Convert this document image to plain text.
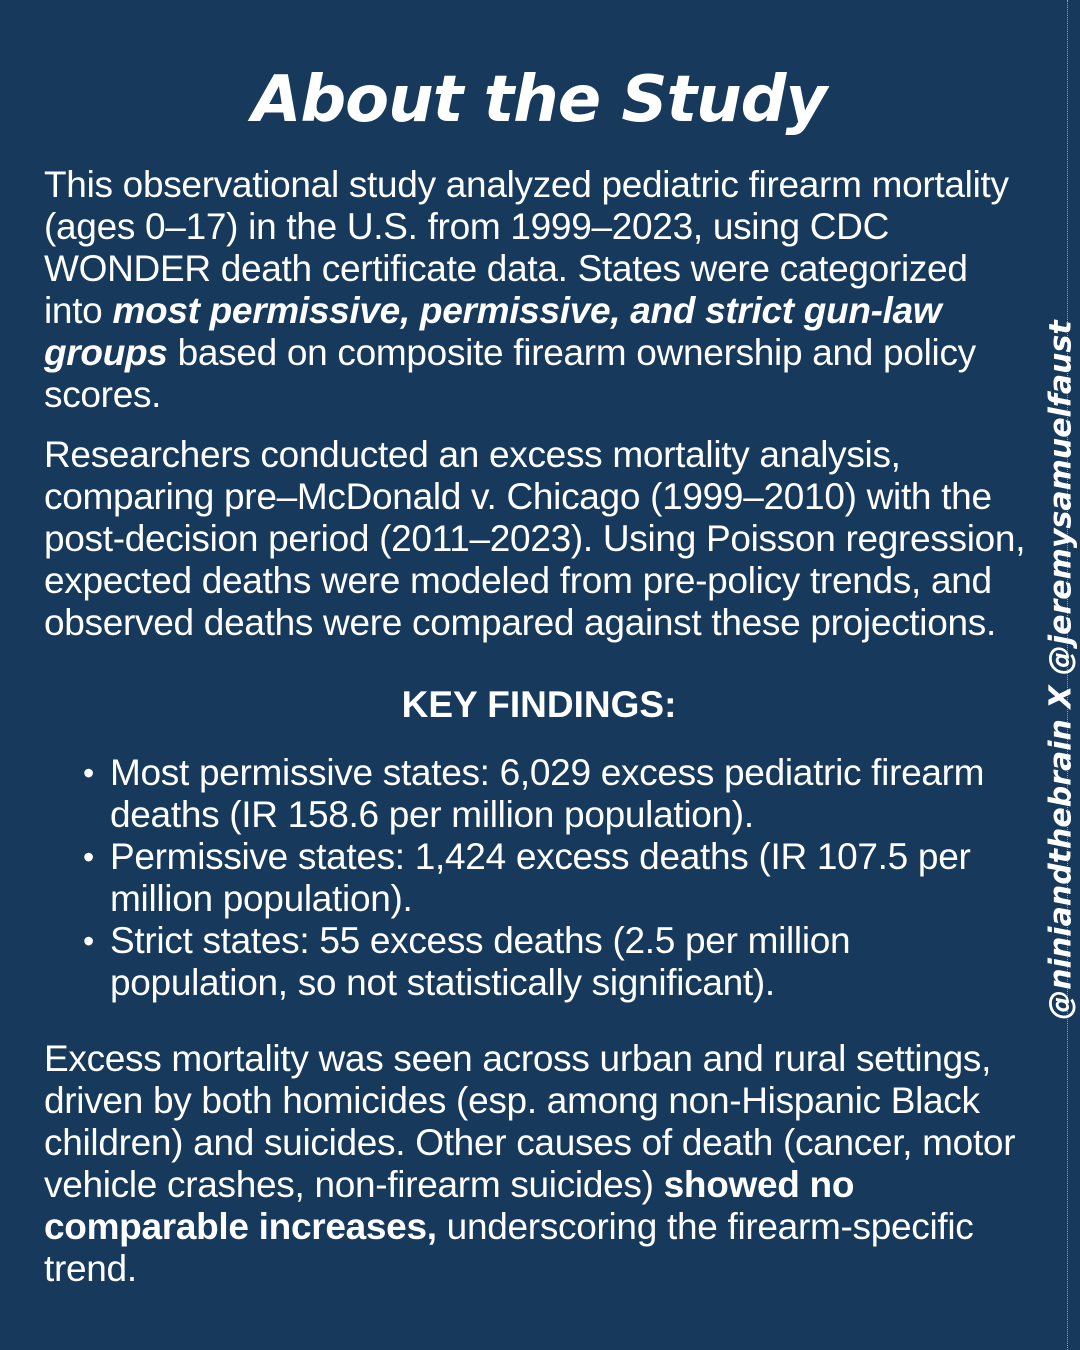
@niniandthebrain X @jeremysamuelfaust
About the Study

This observational study analyzed pediatric firearm mortality (ages 0–17) in the U.S. from 1999–2023, using CDC WONDER death certificate data. States were categorized into most permissive, permissive, and strict gun-law groups based on composite firearm ownership and policy scores.

Researchers conducted an excess mortality analysis, comparing pre–McDonald v. Chicago (1999–2010) with the post-decision period (2011–2023). Using Poisson regression, expected deaths were modeled from pre-policy trends, and observed deaths were compared against these projections.

KEY FINDINGS:
• Most permissive states: 6,029 excess pediatric firearm deaths (IR 158.6 per million population).
• Permissive states: 1,424 excess deaths (IR 107.5 per million population).
• Strict states: 55 excess deaths (2.5 per million population, so not statistically significant).

Excess mortality was seen across urban and rural settings, driven by both homicides (esp. among non-Hispanic Black children) and suicides. Other causes of death (cancer, motor vehicle crashes, non-firearm suicides) showed no comparable increases, underscoring the firearm-specific trend.
